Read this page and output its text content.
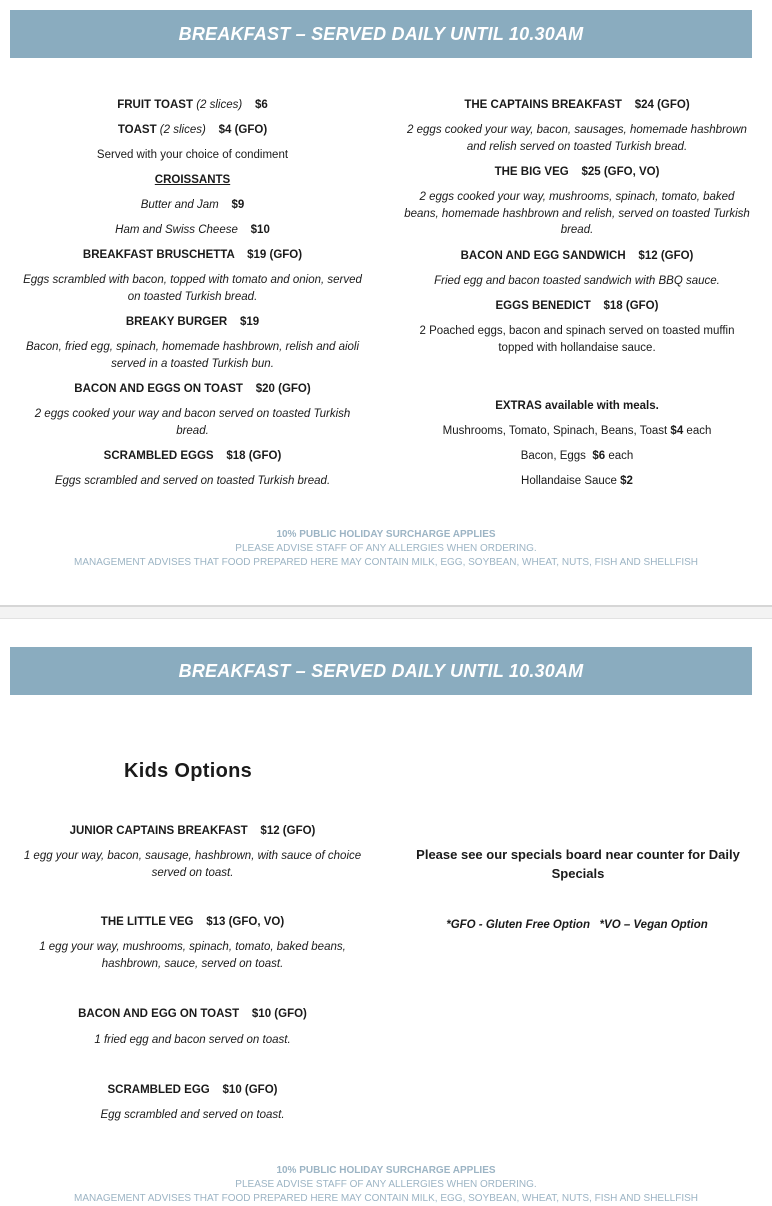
BREAKFAST – SERVED DAILY UNTIL 10.30AM

FRUIT TOAST (2 slices) $6

TOAST (2 slices) $4 (GFO)

Served with your choice of condiment

CROISSANTS

Butter and Jam $9

Ham and Swiss Cheese $10

BREAKFAST BRUSCHETTA    $19 (GFO)

Eggs scrambled with bacon, topped with tomato and onion, served on toasted Turkish bread.

BREAKY BURGER    $19

Bacon, fried egg, spinach, homemade hashbrown, relish and aioli served in a toasted Turkish bun.

BACON AND EGGS ON TOAST    $20 (GFO)

2 eggs cooked your way and bacon served on toasted Turkish bread.

SCRAMBLED EGGS    $18 (GFO)

Eggs scrambled and served on toasted Turkish bread.

THE CAPTAINS BREAKFAST    $24 (GFO)

2 eggs cooked your way, bacon, sausages, homemade hashbrown and relish served on toasted Turkish bread.

THE BIG VEG    $25 (GFO, VO)

2 eggs cooked your way, mushrooms, spinach, tomato, baked beans, homemade hashbrown and relish, served on toasted Turkish bread.

BACON AND EGG SANDWICH    $12 (GFO)

Fried egg and bacon toasted sandwich with BBQ sauce.

EGGS BENEDICT    $18 (GFO)

2 Poached eggs, bacon and spinach served on toasted muffin topped with hollandaise sauce.

EXTRAS available with meals.

Mushrooms, Tomato, Spinach, Beans, Toast $4 each

Bacon, Eggs $6 each

Hollandaise Sauce $2

10% PUBLIC HOLIDAY SURCHARGE APPLIES
PLEASE ADVISE STAFF OF ANY ALLERGIES WHEN ORDERING.
MANAGEMENT ADVISES THAT FOOD PREPARED HERE MAY CONTAIN MILK, EGG, SOYBEAN, WHEAT, NUTS, FISH AND SHELLFISH
BREAKFAST – SERVED DAILY UNTIL 10.30AM
Kids Options

JUNIOR CAPTAINS BREAKFAST    $12 (GFO)

1 egg your way, bacon, sausage, hashbrown, with sauce of choice served on toast.

THE LITTLE VEG    $13 (GFO, VO)

1 egg your way, mushrooms, spinach, tomato, baked beans, hashbrown, sauce, served on toast.

BACON AND EGG ON TOAST    $10 (GFO)

1 fried egg and bacon served on toast.

SCRAMBLED EGG    $10 (GFO)

Egg scrambled and served on toast.

Please see our specials board near counter for Daily Specials
*GFO - Gluten Free Option   *VO – Vegan Option
10% PUBLIC HOLIDAY SURCHARGE APPLIES
PLEASE ADVISE STAFF OF ANY ALLERGIES WHEN ORDERING.
MANAGEMENT ADVISES THAT FOOD PREPARED HERE MAY CONTAIN MILK, EGG, SOYBEAN, WHEAT, NUTS, FISH AND SHELLFISH
